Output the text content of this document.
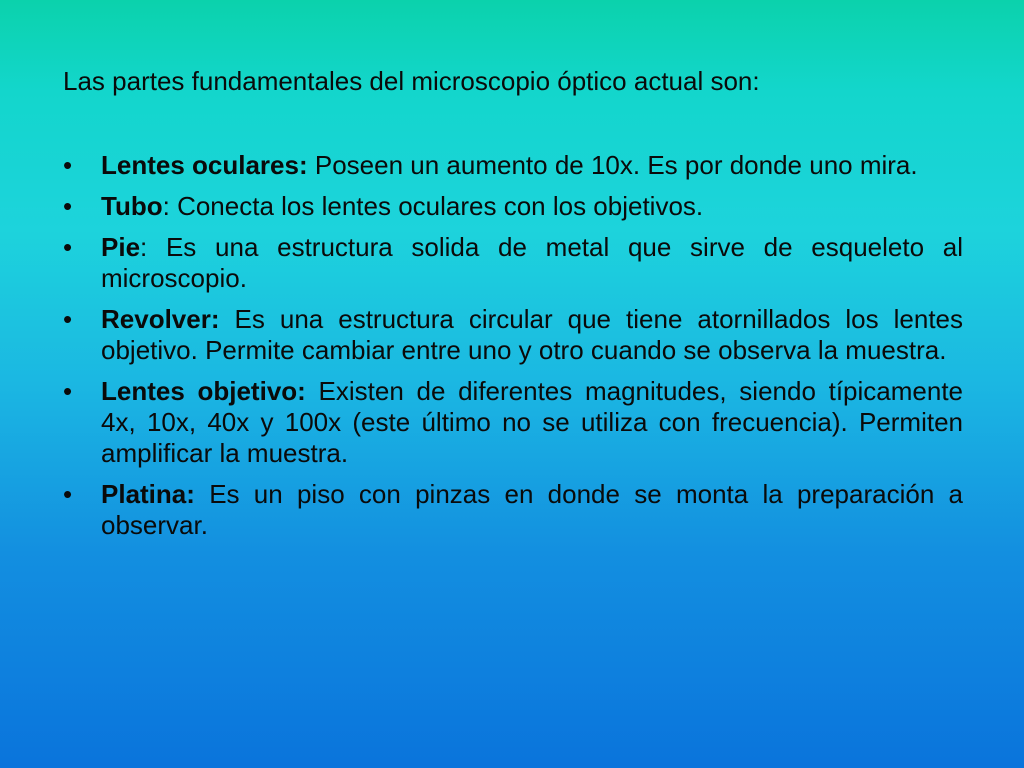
Las partes fundamentales del microscopio óptico actual son:

•	Lentes oculares: Poseen un aumento de 10x. Es por donde uno mira.
•	Tubo: Conecta los lentes oculares con los objetivos.
•	Pie: Es una estructura solida de metal que sirve de esqueleto al microscopio.
•	Revolver: Es una estructura circular que tiene atornillados los lentes objetivo. Permite cambiar entre uno y otro cuando se observa la muestra.
•	Lentes objetivo: Existen de diferentes magnitudes, siendo típicamente 4x, 10x, 40x y 100x (este último no se utiliza con frecuencia). Permiten amplificar la muestra.
•	Platina: Es un piso con pinzas en donde se monta la preparación a observar.
